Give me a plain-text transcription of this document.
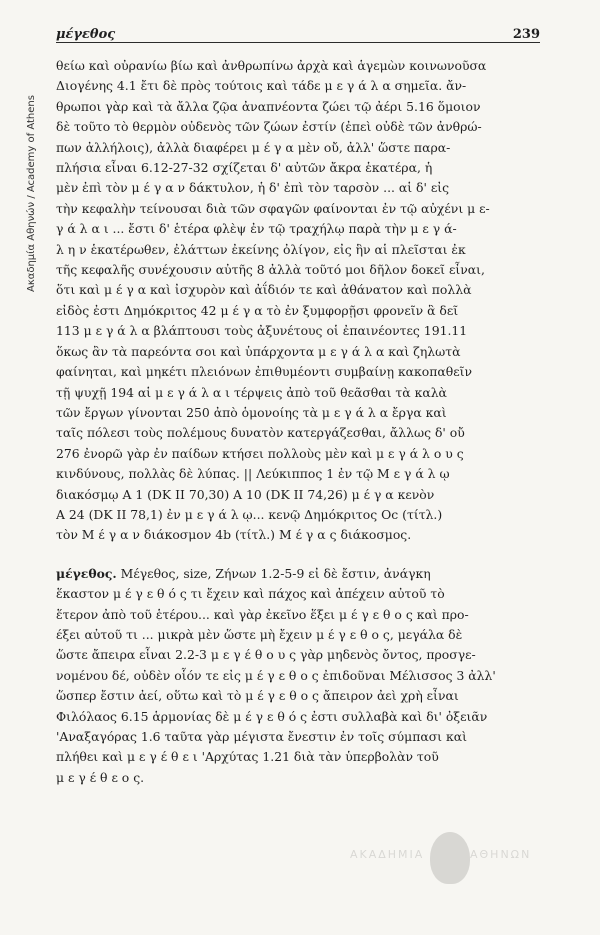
μέγεθος	239
Ακαδημία Αθηνών / Academy of Athens
θείω καὶ οὐρανίω βίω καὶ ἀνθρωπίνω ἀρχὰ καὶ ἁγεμὼν κοινωνοῦσα
Διογένης 4.1 ἔτι δὲ πρὸς τούτοις καὶ τάδε μ ε γ ά λ α σημεῖα. ἄν-
θρωποι γὰρ καὶ τὰ ἄλλα ζῷα ἀναπνέοντα ζώει τῷ ἀέρι 5.16 ὅμοιον
δὲ τοῦτο τὸ θερμὸν οὐδενὸς τῶν ζώων ἐστίν (ἐπεὶ οὐδὲ τῶν ἀνθρώ-
πων ἀλλήλοις), ἀλλὰ διαφέρει μ έ γ α μὲν οὔ, ἀλλ' ὥστε παρα-
πλήσια εἶναι 6.12-27-32 σχίζεται δ' αὐτῶν ἄκρα ἑκατέρα, ἡ
μὲν ἐπὶ τὸν μ έ γ α ν δάκτυλον, ἡ δ' ἐπὶ τὸν ταρσὸν ... αἱ δ' εἰς
τὴν κεφαλὴν τείνουσαι διὰ τῶν σφαγῶν φαίνονται ἐν τῷ αὐχένι μ ε-
γ ά λ α ι ... ἔστι δ' ἑτέρα φλὲψ ἐν τῷ τραχήλῳ παρὰ τὴν μ ε γ ά-
λ η ν ἑκατέρωθεν, ἐλάττων ἐκείνης ὀλίγον, εἰς ἣν αἱ πλεῖσται ἐκ
τῆς κεφαλῆς συνέχουσιν αὐτῆς 8 ἀλλὰ τοῦτό μοι δῆλον δοκεῖ εἶναι,
ὅτι καὶ μ έ γ α καὶ ἰσχυρὸν καὶ ἀΐδιόν τε καὶ ἀθάνατον καὶ πολλὰ
εἰδὸς ἐστι Δημόκριτος 42 μ έ γ α τὸ ἐν ξυμφορῇσι φρονεῖν ἃ δεῖ
113 μ ε γ ά λ α βλάπτουσι τοὺς ἀξυνέτους οἱ ἐπαινέοντες 191.11
ὅκως ἂν τὰ παρεόντα σοι καὶ ὑπάρχοντα μ ε γ ά λ α καὶ ζηλωτὰ
φαίνηται, καὶ μηκέτι πλειόνων ἐπιθυμέοντι συμβαίνῃ κακοπαθεῖν
τῇ ψυχῇ 194 αἱ μ ε γ ά λ α ι τέρψεις ἀπὸ τοῦ θεᾶσθαι τὰ καλὰ
τῶν ἔργων γίνονται 250 ἀπὸ ὁμονοίης τὰ μ ε γ ά λ α ἔργα καὶ
ταῖς πόλεσι τοὺς πολέμους δυνατὸν κατεργάζεσθαι, ἄλλως δ' οὔ
276 ἐνορῶ γὰρ ἐν παίδων κτήσει πολλοὺς μὲν καὶ μ ε γ ά λ ο υ ς
κινδύνους, πολλὰς δὲ λύπας. || Λεύκιππος 1 ἐν τῷ Μ ε γ ά λ ῳ
διακόσμῳ A 1 (DK II 70,30) A 10 (DK II 74,26) μ έ γ α κενὸν
A 24 (DK II 78,1) ἐν μ ε γ ά λ ῳ... κενῷ Δημόκριτος Oc (τίτλ.)
τὸν Μ έ γ α ν διάκοσμον 4b (τίτλ.) Μ έ γ α ς διάκοσμος.
μέγεθος. Μέγεθος, size, Ζήνων 1.2-5-9 εἰ δὲ ἔστιν, ἀνάγκη
ἕκαστον μ έ γ ε θ ό ς τι ἔχειν καὶ πάχος καὶ ἀπέχειν αὐτοῦ τὸ
ἕτερον ἀπὸ τοῦ ἑτέρου... καὶ γὰρ ἐκεῖνο ἕξει μ έ γ ε θ ο ς καὶ προ-
έξει αὐτοῦ τι ... μικρὰ μὲν ὥστε μὴ ἔχειν μ έ γ ε θ ο ς, μεγάλα δὲ
ὥστε ἄπειρα εἶναι 2.2-3 μ ε γ έ θ ο υ ς γὰρ μηδενὸς ὄντος, προσγε-
νομένου δέ, οὐδὲν οἷόν τε εἰς μ έ γ ε θ ο ς ἐπιδοῦναι Μέλισσος 3 ἀλλ'
ὥσπερ ἔστιν ἀεί, οὕτω καὶ τὸ μ έ γ ε θ ο ς ἄπειρον ἀεὶ χρὴ εἶναι
Φιλόλαος 6.15 ἁρμονίας δὲ μ έ γ ε θ ό ς ἐστι συλλαβὰ καὶ δι' ὀξειᾶν
'Αναξαγόρας 1.6 ταῦτα γὰρ μέγιστα ἔνεστιν ἐν τοῖς σύμπασι καὶ
πλήθει καὶ μ ε γ έ θ ε ι 'Αρχύτας 1.21 διὰ τὰν ὑπερβολὰν τοῦ
μ ε γ έ θ ε ο ς.
ΑΚΑΔΗΜΙΑ	ΑΘΗΝΩΝ
